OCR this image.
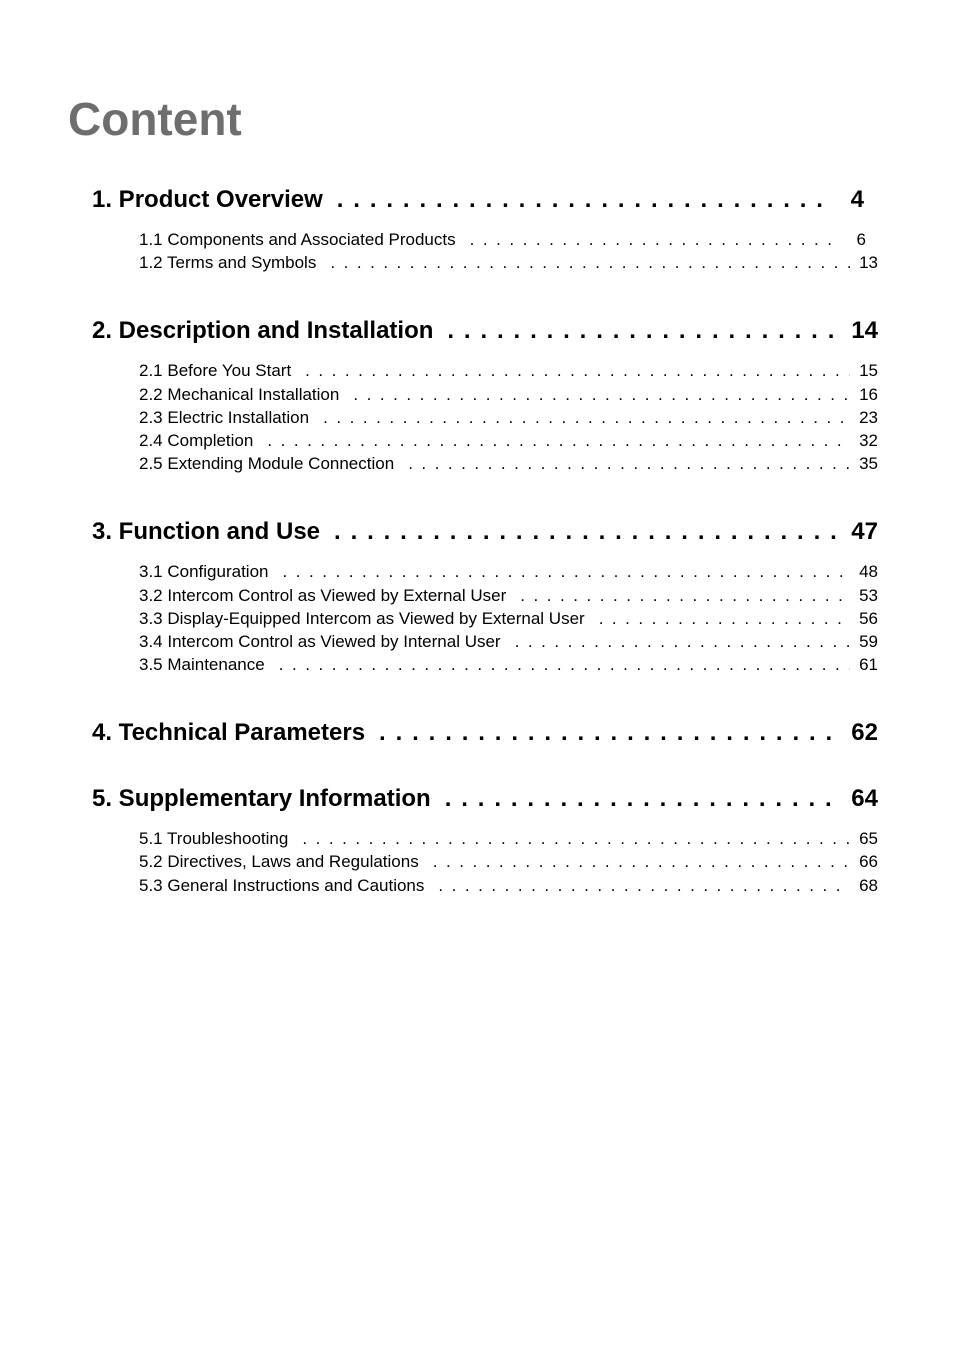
Content
1. Product Overview . . .	4
1.1 Components and Associated Products . . .	6
1.2 Terms and Symbols . . .	13
2. Description and Installation . . .	14
2.1 Before You Start . . .	15
2.2 Mechanical Installation . . .	16
2.3 Electric Installation . . .	23
2.4 Completion . . .	32
2.5 Extending Module Connection . . .	35
3. Function and Use . . .	47
3.1 Configuration . . .	48
3.2 Intercom Control as Viewed by External User . . .	53
3.3 Display-Equipped Intercom as Viewed by External User . . .	56
3.4 Intercom Control as Viewed by Internal User . . .	59
3.5 Maintenance . . .	61
4. Technical Parameters . . .	62
5. Supplementary Information . . .	64
5.1 Troubleshooting . . .	65
5.2 Directives, Laws and Regulations . . .	66
5.3 General Instructions and Cautions . . .	68
